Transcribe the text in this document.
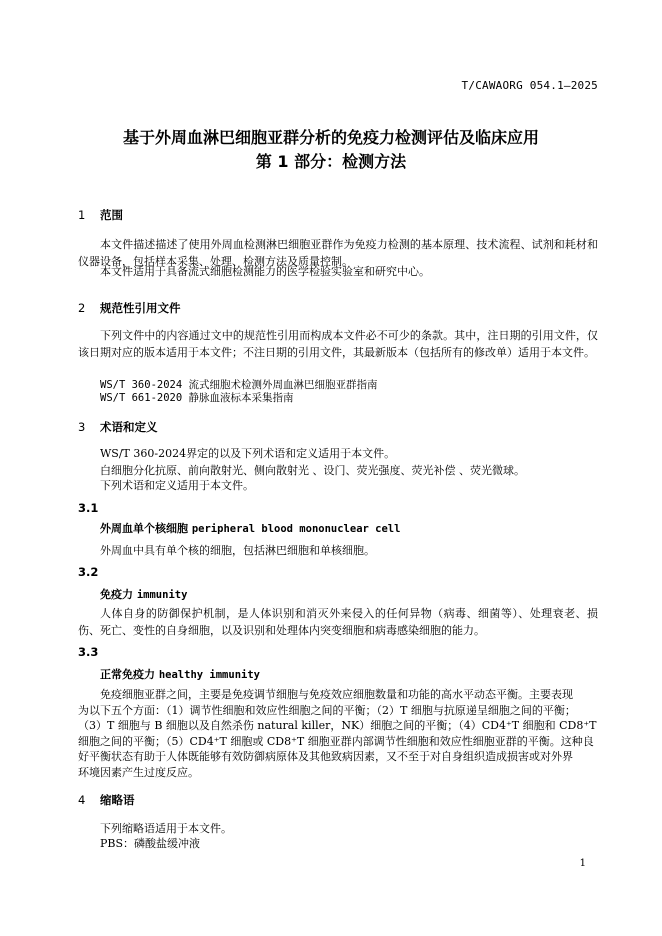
T/CAWAORG 054.1—2025
基于外周血淋巴细胞亚群分析的免疫力检测评估及临床应用
第 1 部分：检测方法
1 范围
本文件描述描述了使用外周血检测淋巴细胞亚群作为免疫力检测的基本原理、技术流程、试剂和耗材和仪器设备，包括样本采集、处理、检测方法及质量控制。
本文件适用于具备流式细胞检测能力的医学检验实验室和研究中心。
2 规范性引用文件
下列文件中的内容通过文中的规范性引用而构成本文件必不可少的条款。其中，注日期的引用文件，仅该日期对应的版本适用于本文件；不注日期的引用文件，其最新版本（包括所有的修改单）适用于本文件。
WS/T 360-2024 流式细胞术检测外周血淋巴细胞亚群指南
WS/T 661-2020 静脉血液标本采集指南
3 术语和定义
WS/T 360-2024界定的以及下列术语和定义适用于本文件。
白细胞分化抗原、前向散射光、侧向散射光 、设门、荧光强度、荧光补偿 、荧光微球。
下列术语和定义适用于本文件。
3.1
外周血单个核细胞 peripheral blood mononuclear cell
外周血中具有单个核的细胞，包括淋巴细胞和单核细胞。
3.2
免疫力 immunity
人体自身的防御保护机制，是人体识别和消灭外来侵入的任何异物（病毒、细菌等）、处理衰老、损伤、死亡、变性的自身细胞，以及识别和处理体内突变细胞和病毒感染细胞的能力。
3.3
正常免疫力 healthy immunity
免疫细胞亚群之间，主要是免疫调节细胞与免疫效应细胞数量和功能的高水平动态平衡。主要表现
为以下五个方面：（1）调节性细胞和效应性细胞之间的平衡；（2）T 细胞与抗原递呈细胞之间的平衡；
（3）T 细胞与 B 细胞以及自然杀伤 natural killer，NK）细胞之间的平衡；（4）CD4⁺T 细胞和 CD8⁺T
细胞之间的平衡；（5）CD4⁺T 细胞或 CD8⁺T 细胞亚群内部调节性细胞和效应性细胞亚群的平衡。这种良
好平衡状态有助于人体既能够有效防御病原体及其他致病因素，又不至于对自身组织造成损害或对外界
环境因素产生过度反应。
4 缩略语
下列缩略语适用于本文件。
PBS：磷酸盐缓冲液
1
